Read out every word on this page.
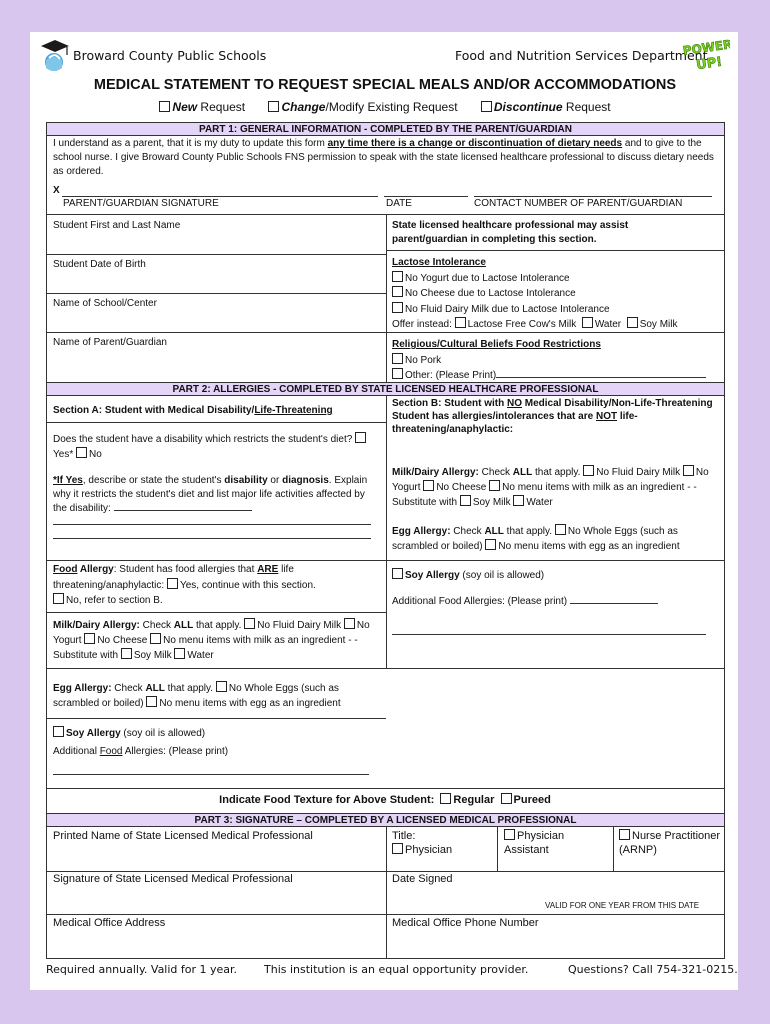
Broward County Public Schools	Food and Nutrition Services Department
POWER
UP!
MEDICAL STATEMENT TO REQUEST SPECIAL MEALS AND/OR ACCOMMODATIONS
New Request	Change/Modify Existing Request	Discontinue Request
PART 1: GENERAL INFORMATION - COMPLETED BY THE PARENT/GUARDIAN
I understand as a parent, that it is my duty to update this form any time there is a change or discontinuation of dietary needs and to give to the school nurse. I give Broward County Public Schools FNS permission to speak with the state licensed healthcare professional to discuss dietary needs as ordered.
X
PARENT/GUARDIAN SIGNATURE	DATE	CONTACT NUMBER OF PARENT/GUARDIAN
Student First and Last Name
Student Date of Birth
Name of School/Center
Name of Parent/Guardian
State licensed healthcare professional may assist parent/guardian in completing this section.
Lactose Intolerance
No Yogurt due to Lactose Intolerance
No Cheese due to Lactose Intolerance
No Fluid Dairy Milk due to Lactose Intolerance
Offer instead: Lactose Free Cow's Milk Water Soy Milk
Religious/Cultural Beliefs Food Restrictions
No Pork
Other: (Please Print)
PART 2: ALLERGIES - COMPLETED BY STATE LICENSED HEALTHCARE PROFESSIONAL
Section A: Student with Medical Disability/Life-Threatening
Does the student have a disability which restricts the student's diet? Yes* No
*If Yes, describe or state the student's disability or diagnosis. Explain why it restricts the student's diet and list major life activities affected by the disability:
Food Allergy: Student has food allergies that ARE life threatening/anaphylactic: Yes, continue with this section.
No, refer to section B.
Milk/Dairy Allergy: Check ALL that apply. No Fluid Dairy Milk No Yogurt No Cheese No menu items with milk as an ingredient - - Substitute with Soy Milk Water
Egg Allergy: Check ALL that apply. No Whole Eggs (such as scrambled or boiled) No menu items with egg as an ingredient
Soy Allergy (soy oil is allowed)
Additional Food Allergies: (Please print)
Section B: Student with NO Medical Disability/Non-Life-Threatening
Student has allergies/intolerances that are NOT life-threatening/anaphylactic:
Milk/Dairy Allergy: Check ALL that apply. No Fluid Dairy Milk No Yogurt No Cheese No menu items with milk as an ingredient - - Substitute with Soy Milk Water
Egg Allergy: Check ALL that apply. No Whole Eggs (such as scrambled or boiled) No menu items with egg as an ingredient
Soy Allergy (soy oil is allowed)
Additional Food Allergies: (Please print)
Indicate Food Texture for Above Student: Regular Pureed
PART 3: SIGNATURE – COMPLETED BY A LICENSED MEDICAL PROFESSIONAL
Printed Name of State Licensed Medical Professional	Title:
Physician
Physician Assistant
Nurse Practitioner (ARNP)
Signature of State Licensed Medical Professional	Date Signed
VALID FOR ONE YEAR FROM THIS DATE
Medical Office Address	Medical Office Phone Number
Required annually. Valid for 1 year. This institution is an equal opportunity provider.	Questions? Call 754-321-0215.
